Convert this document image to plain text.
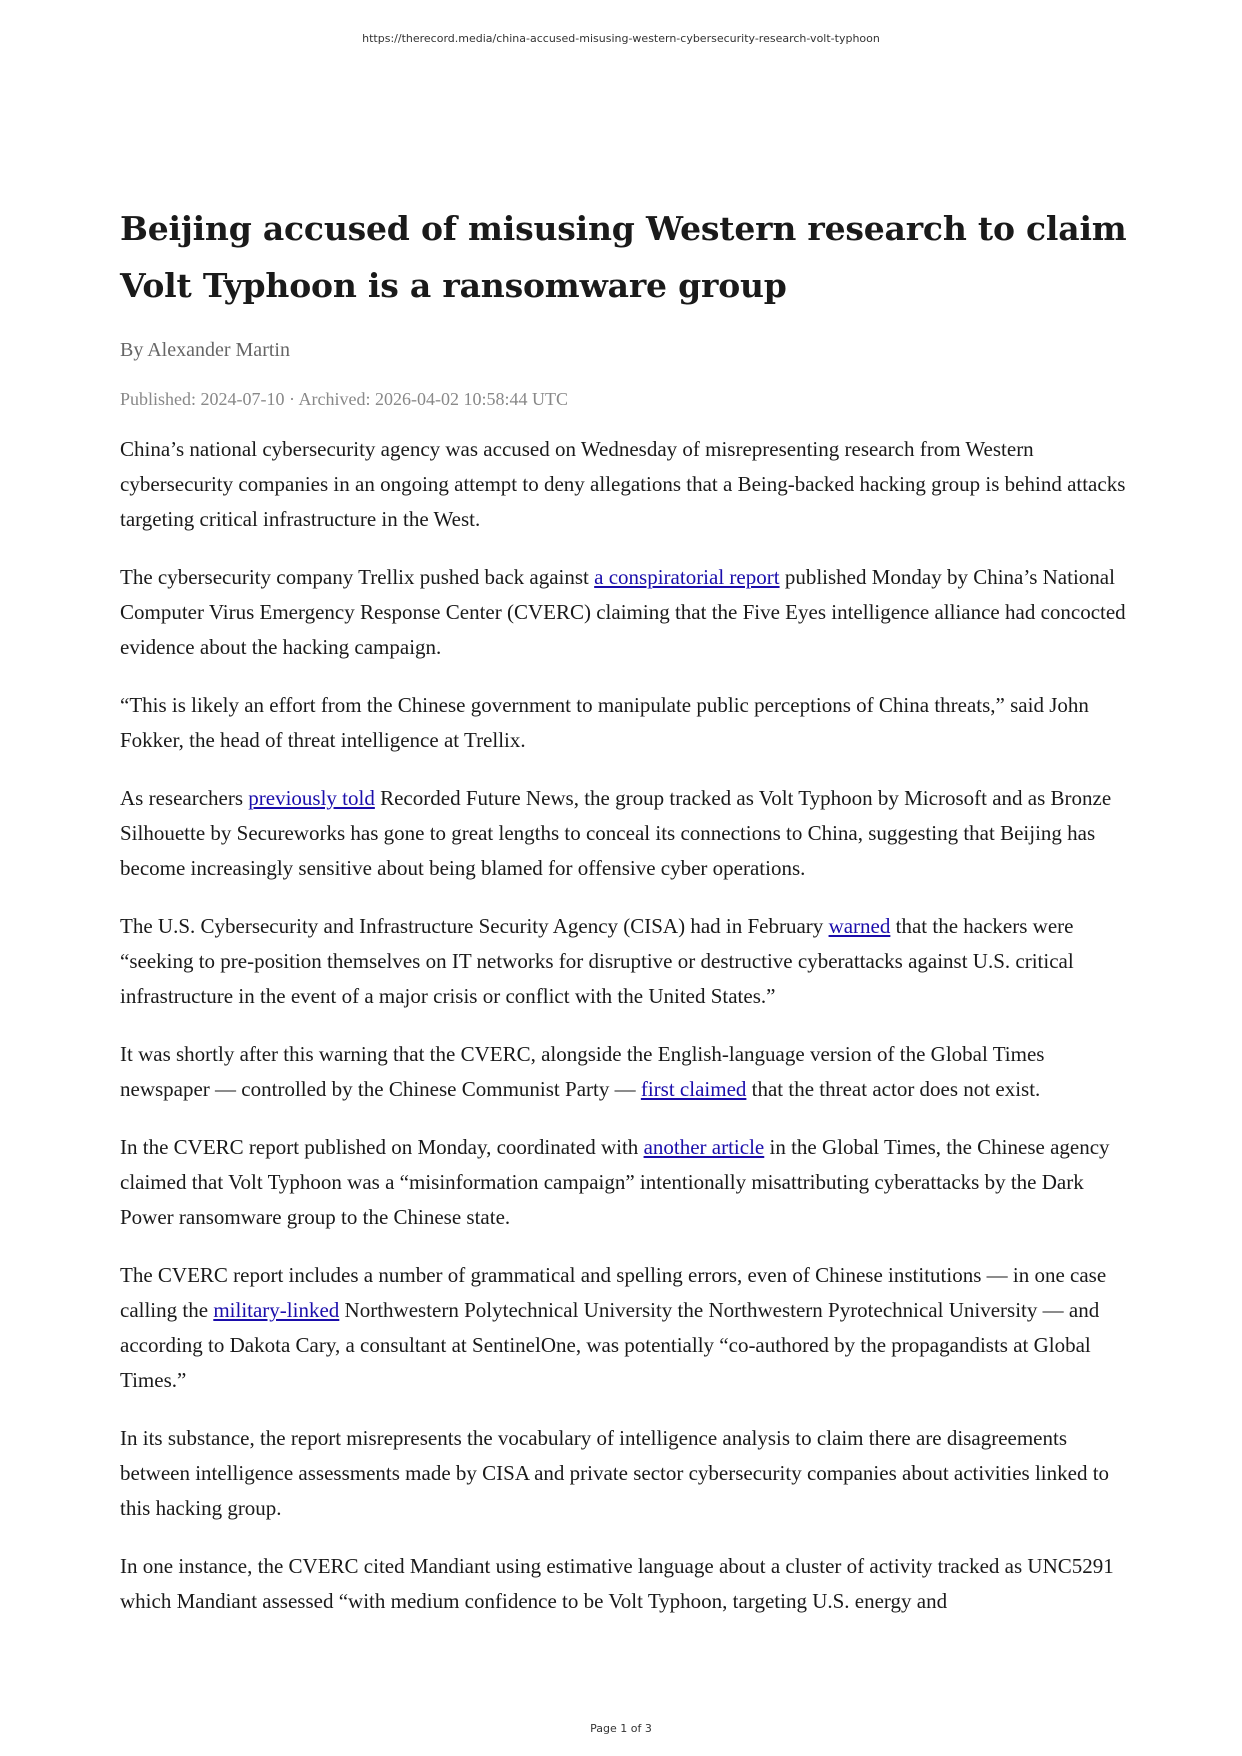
https://therecord.media/china-accused-misusing-western-cybersecurity-research-volt-typhoon
Beijing accused of misusing Western research to claim Volt Typhoon is a ransomware group
By Alexander Martin
Published: 2024-07-10 · Archived: 2026-04-02 10:58:44 UTC

China’s national cybersecurity agency was accused on Wednesday of misrepresenting research from Western cybersecurity companies in an ongoing attempt to deny allegations that a Being-backed hacking group is behind attacks targeting critical infrastructure in the West.

The cybersecurity company Trellix pushed back against a conspiratorial report published Monday by China’s National Computer Virus Emergency Response Center (CVERC) claiming that the Five Eyes intelligence alliance had concocted evidence about the hacking campaign.

“This is likely an effort from the Chinese government to manipulate public perceptions of China threats,” said John Fokker, the head of threat intelligence at Trellix.

As researchers previously told Recorded Future News, the group tracked as Volt Typhoon by Microsoft and as Bronze Silhouette by Secureworks has gone to great lengths to conceal its connections to China, suggesting that Beijing has become increasingly sensitive about being blamed for offensive cyber operations.

The U.S. Cybersecurity and Infrastructure Security Agency (CISA) had in February warned that the hackers were “seeking to pre-position themselves on IT networks for disruptive or destructive cyberattacks against U.S. critical infrastructure in the event of a major crisis or conflict with the United States.”

It was shortly after this warning that the CVERC, alongside the English-language version of the Global Times newspaper — controlled by the Chinese Communist Party — first claimed that the threat actor does not exist.

In the CVERC report published on Monday, coordinated with another article in the Global Times, the Chinese agency claimed that Volt Typhoon was a “misinformation campaign” intentionally misattributing cyberattacks by the Dark Power ransomware group to the Chinese state.

The CVERC report includes a number of grammatical and spelling errors, even of Chinese institutions — in one case calling the military-linked Northwestern Polytechnical University the Northwestern Pyrotechnical University — and according to Dakota Cary, a consultant at SentinelOne, was potentially “co-authored by the propagandists at Global Times.”

In its substance, the report misrepresents the vocabulary of intelligence analysis to claim there are disagreements between intelligence assessments made by CISA and private sector cybersecurity companies about activities linked to this hacking group.

In one instance, the CVERC cited Mandiant using estimative language about a cluster of activity tracked as UNC5291 which Mandiant assessed “with medium confidence to be Volt Typhoon, targeting U.S. energy and

Page 1 of 3
